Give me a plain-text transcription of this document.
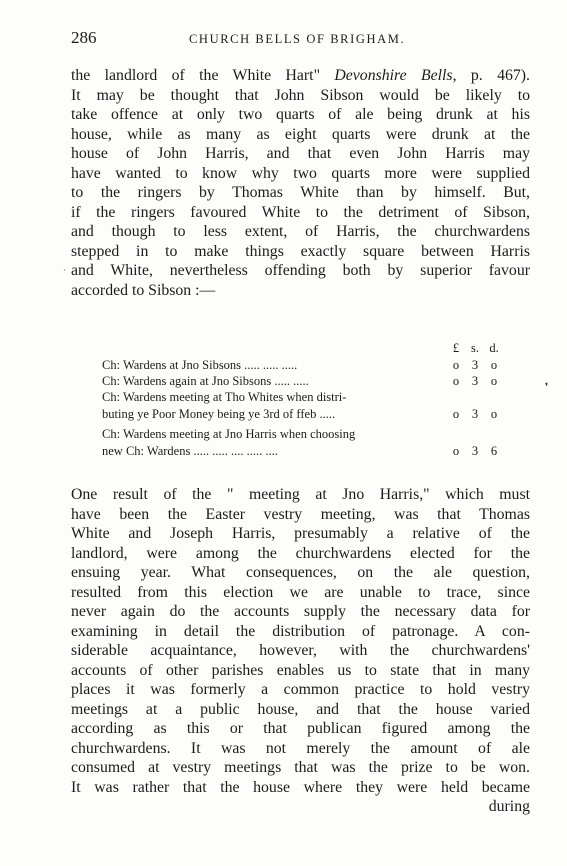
286	CHURCH BELLS OF BRIGHAM.

the landlord of the White Hart" Devonshire Bells, p. 467).
It may be thought that John Sibson would be likely to
take offence at only two quarts of ale being drunk at his
house, while as many as eight quarts were drunk at the
house of John Harris, and that even John Harris may
have wanted to know why two quarts more were supplied
to the ringers by Thomas White than by himself. But,
if the ringers favoured White to the detriment of Sibson,
and though to less extent, of Harris, the churchwardens
stepped in to make things exactly square between Harris
and White, nevertheless offending both by superior favour
accorded to Sibson :—

£ s. d.
Ch: Wardens at Jno Sibsons ..... ..... .....	o	3	o
Ch: Wardens again at Jno Sibsons ..... .....	o	3	o
Ch: Wardens meeting at Tho Whites when distri-
buting ye Poor Money being ye 3rd of ffeb .....	o	3	o
Ch: Wardens meeting at Jno Harris when choosing
new Ch: Wardens ..... ..... .... ..... ....	o	3	6
❜
·

One result of the " meeting at Jno Harris," which must
have been the Easter vestry meeting, was that Thomas
White and Joseph Harris, presumably a relative of the
landlord, were among the churchwardens elected for the
ensuing year. What consequences, on the ale question,
resulted from this election we are unable to trace, since
never again do the accounts supply the necessary data for
examining in detail the distribution of patronage. A con-
siderable acquaintance, however, with the churchwardens'
accounts of other parishes enables us to state that in many
places it was formerly a common practice to hold vestry
meetings at a public house, and that the house varied
according as this or that publican figured among the
churchwardens. It was not merely the amount of ale
consumed at vestry meetings that was the prize to be won.
It was rather that the house where they were held became
during
